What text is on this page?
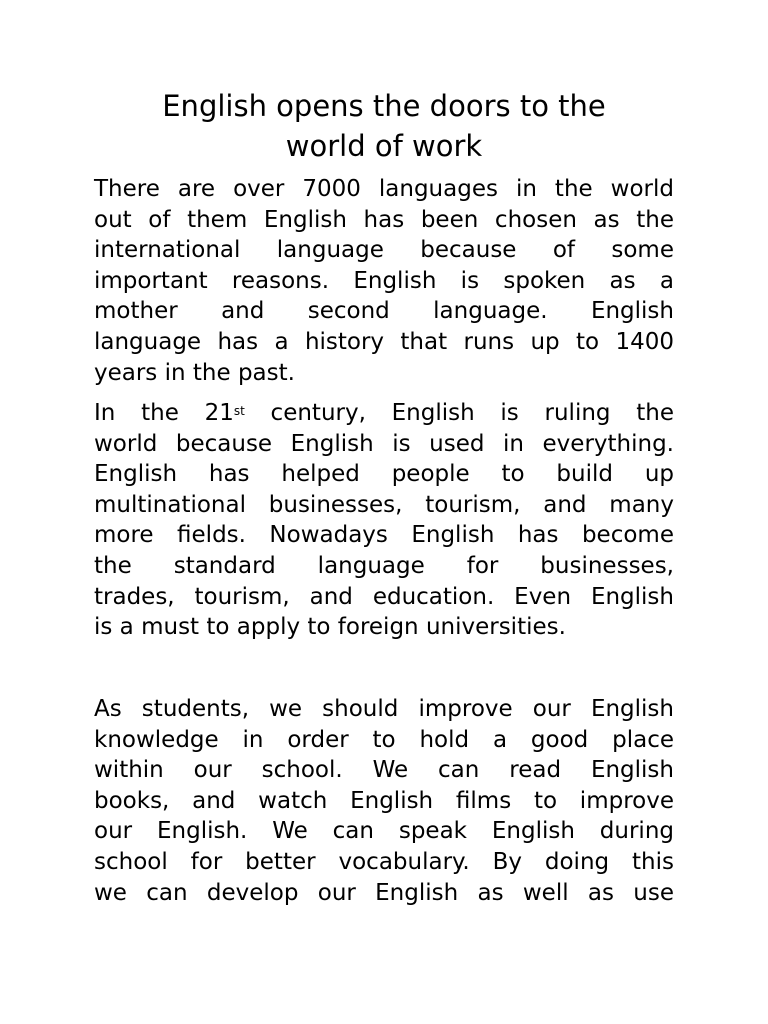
English opens the doors to the
world of work
There are over 7000 languages in the world
out of them English has been chosen as the
international language because of some
important reasons. English is spoken as a
mother and second language. English
language has a history that runs up to 1400
years in the past.
In the 21st century, English is ruling the
world because English is used in everything.
English has helped people to build up
multinational businesses, tourism, and many
more fields. Nowadays English has become
the standard language for businesses,
trades, tourism, and education. Even English
is a must to apply to foreign universities.
As students, we should improve our English
knowledge in order to hold a good place
within our school. We can read English
books, and watch English films to improve
our English. We can speak English during
school for better vocabulary. By doing this
we can develop our English as well as use
